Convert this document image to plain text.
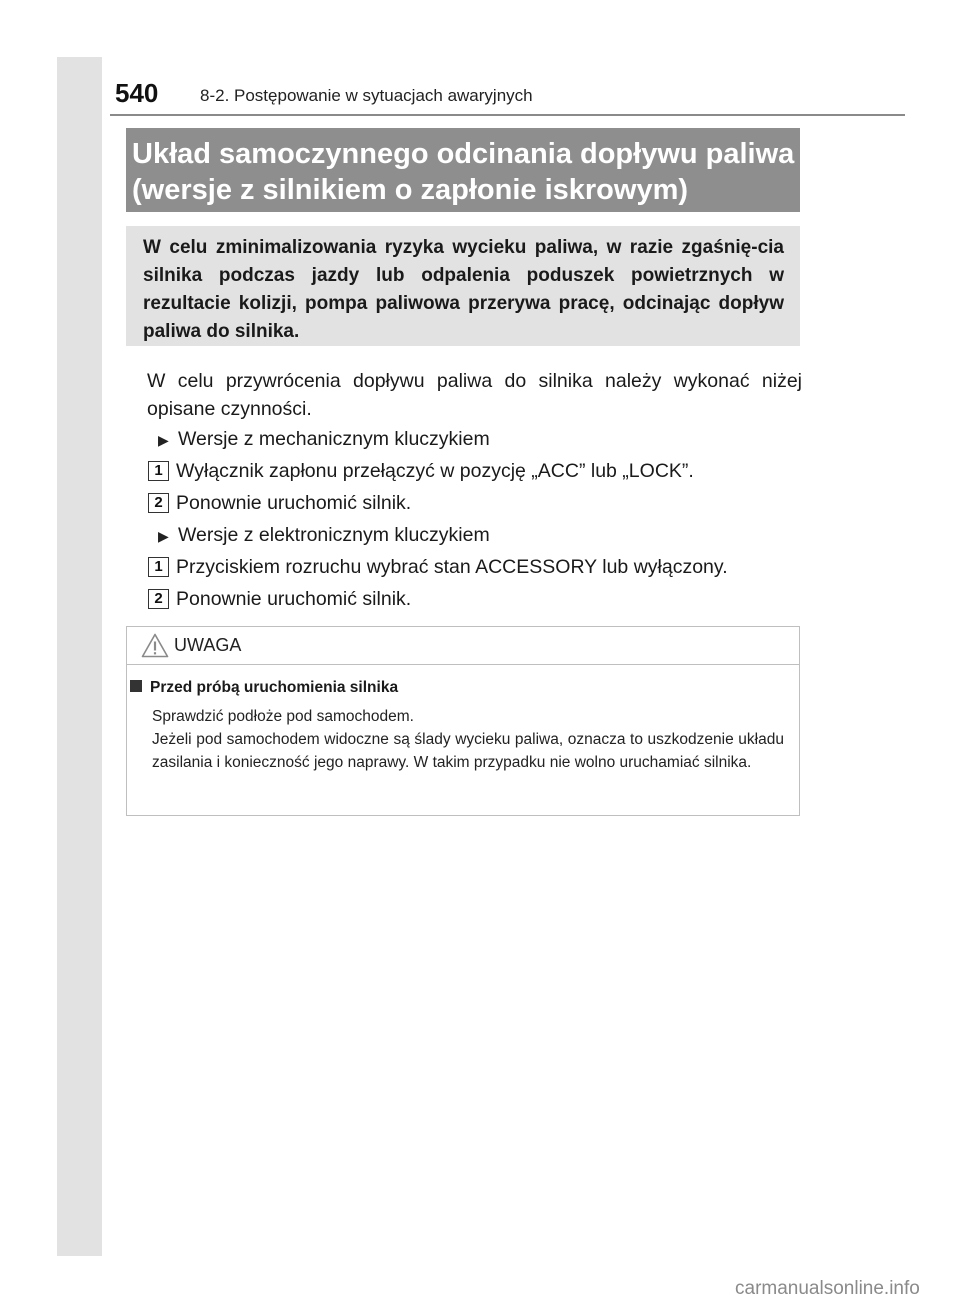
540 8-2. Postępowanie w sytuacjach awaryjnych
Układ samoczynnego odcinania dopływu paliwa
(wersje z silnikiem o zapłonie iskrowym)

W celu zminimalizowania ryzyka wycieku paliwa, w razie zgaśnię-cia silnika podczas jazdy lub odpalenia poduszek powietrznych w rezultacie kolizji, pompa paliwowa przerywa pracę, odcinając dopływ paliwa do silnika.

W celu przywrócenia dopływu paliwa do silnika należy wykonać niżej opisane czynności.

▶ Wersje z mechanicznym kluczykiem
1 Wyłącznik zapłonu przełączyć w pozycję „ACC” lub „LOCK”.
2 Ponownie uruchomić silnik.
▶ Wersje z elektronicznym kluczykiem
1 Przyciskiem rozruchu wybrać stan ACCESSORY lub wyłączony.
2 Ponownie uruchomić silnik.
UWAGA
Przed próbą uruchomienia silnika

Sprawdzić podłoże pod samochodem.
Jeżeli pod samochodem widoczne są ślady wycieku paliwa, oznacza to uszkodzenie układu zasilania i konieczność jego naprawy. W takim przypadku nie wolno uruchamiać silnika.

carmanualsonline.info
